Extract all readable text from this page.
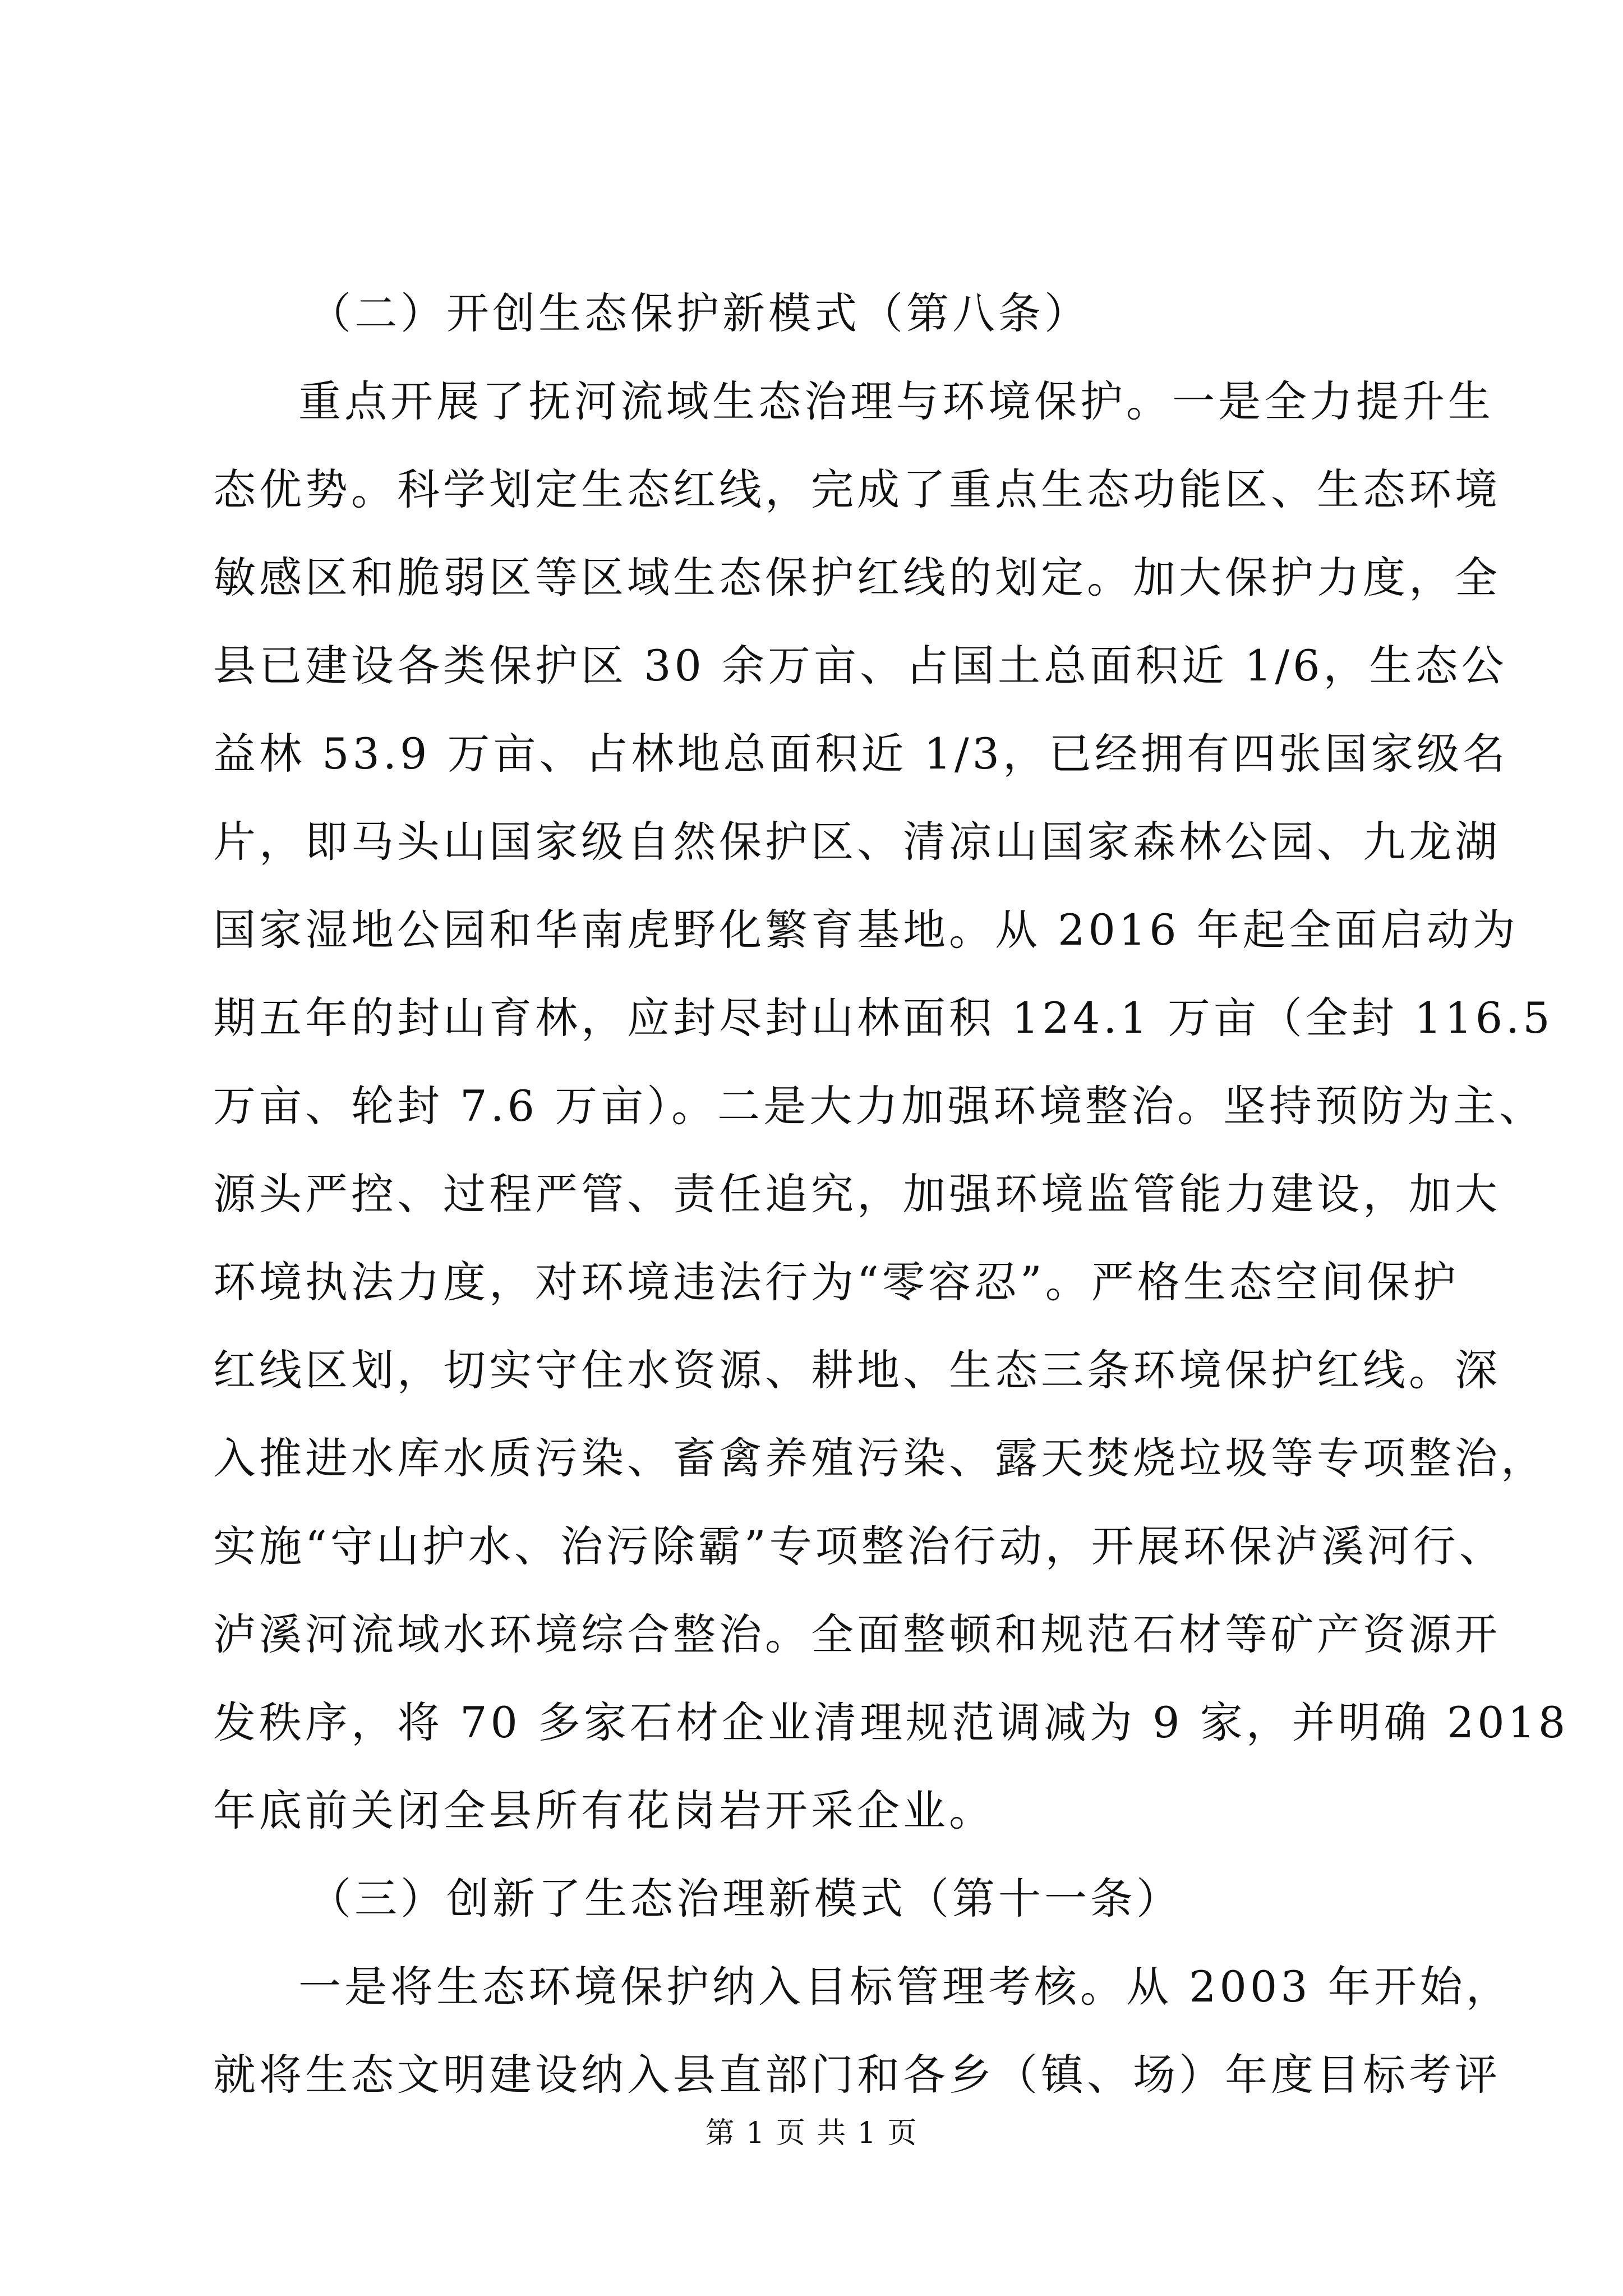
（二）开创生态保护新模式（第八条）
重点开展了抚河流域生态治理与环境保护。一是全力提升生
态优势。科学划定生态红线，完成了重点生态功能区、生态环境
敏感区和脆弱区等区域生态保护红线的划定。加大保护力度，全
县已建设各类保护区 30 余万亩、占国土总面积近 1/6，生态公
益林 53.9 万亩、占林地总面积近 1/3，已经拥有四张国家级名
片，即马头山国家级自然保护区、清凉山国家森林公园、九龙湖
国家湿地公园和华南虎野化繁育基地。从 2016 年起全面启动为
期五年的封山育林，应封尽封山林面积 124.1 万亩（全封 116.5
万亩、轮封 7.6 万亩）。二是大力加强环境整治。坚持预防为主、
源头严控、过程严管、责任追究，加强环境监管能力建设，加大
环境执法力度，对环境违法行为“零容忍”。严格生态空间保护
红线区划，切实守住水资源、耕地、生态三条环境保护红线。深
入推进水库水质污染、畜禽养殖污染、露天焚烧垃圾等专项整治，
实施“守山护水、治污除霸”专项整治行动，开展环保泸溪河行、
泸溪河流域水环境综合整治。全面整顿和规范石材等矿产资源开
发秩序，将 70 多家石材企业清理规范调减为 9 家，并明确 2018
年底前关闭全县所有花岗岩开采企业。
（三）创新了生态治理新模式（第十一条）
一是将生态环境保护纳入目标管理考核。从 2003 年开始，
就将生态文明建设纳入县直部门和各乡（镇、场）年度目标考评
第 1 页 共 1 页
